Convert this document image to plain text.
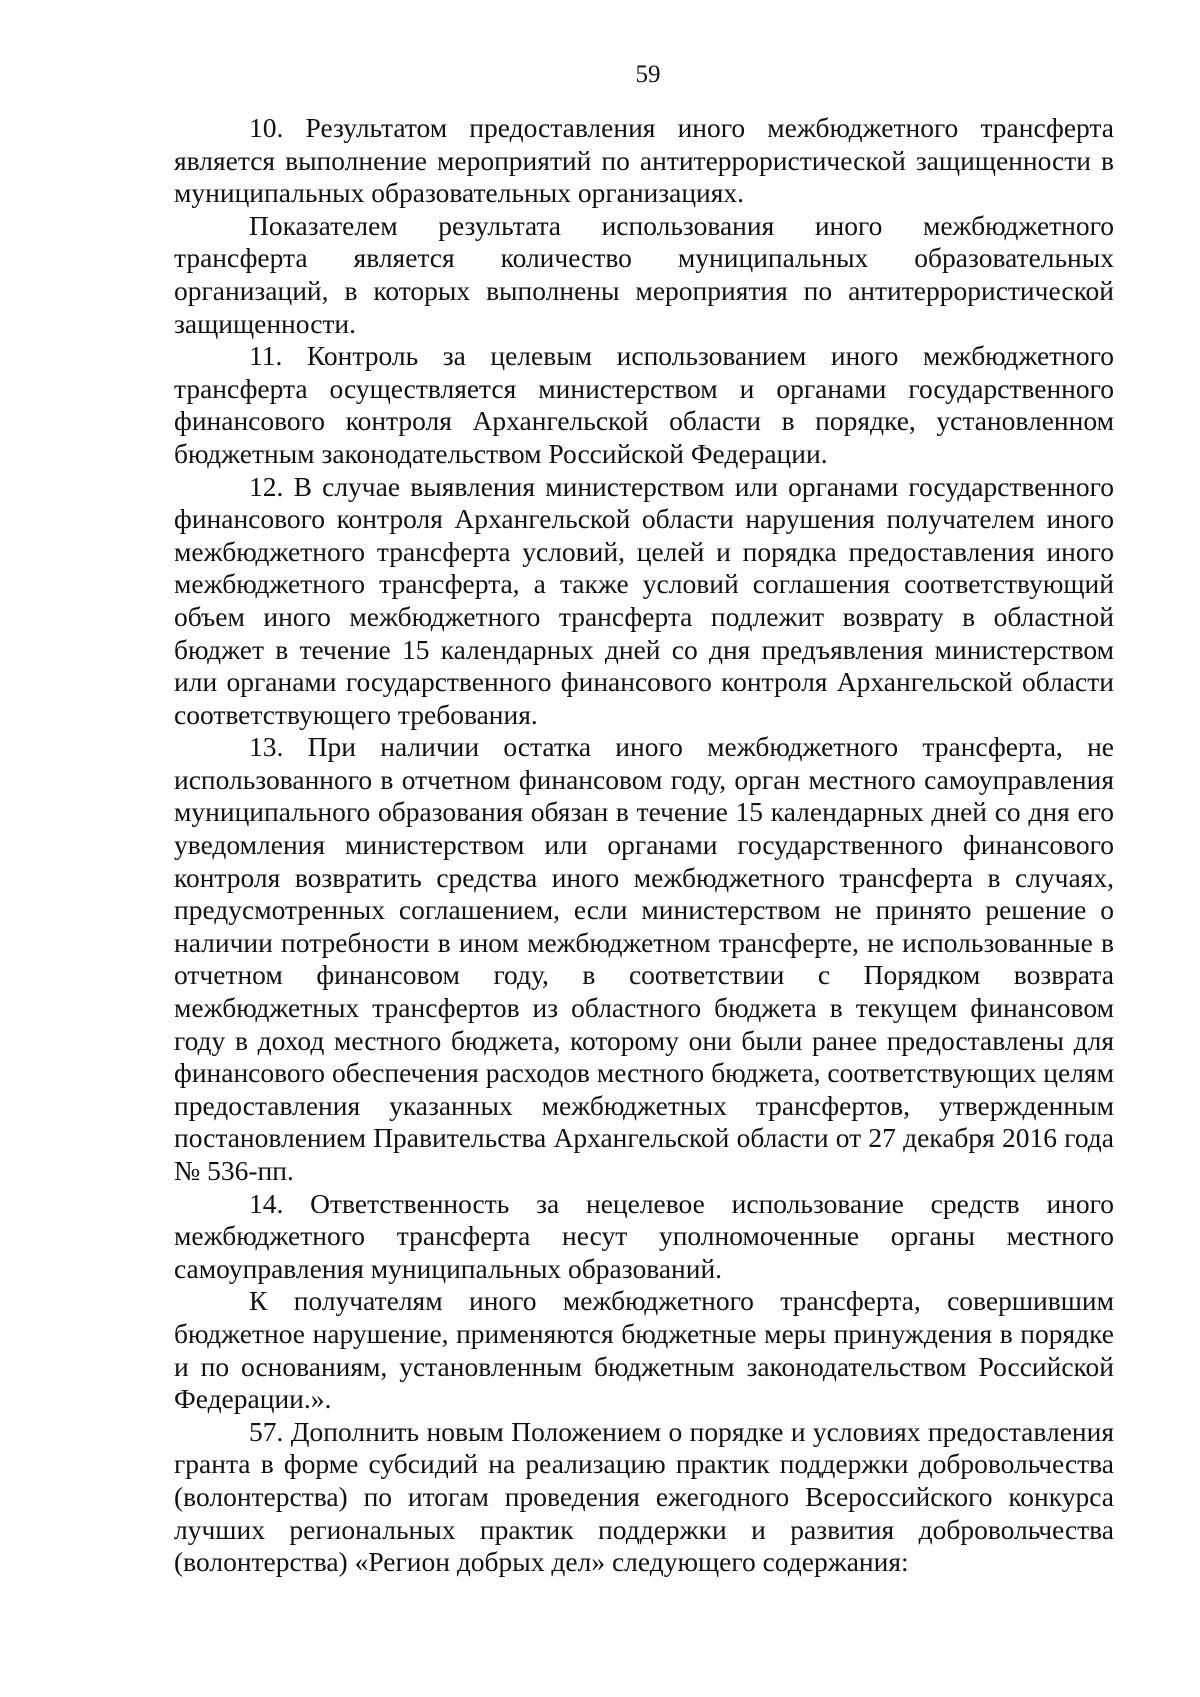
59

10. Результатом предоставления иного межбюджетного трансферта является выполнение мероприятий по антитеррористической защищенности в муниципальных образовательных организациях.

Показателем результата использования иного межбюджетного трансферта является количество муниципальных образовательных организаций, в которых выполнены мероприятия по антитеррористической защищенности.

11. Контроль за целевым использованием иного межбюджетного трансферта осуществляется министерством и органами государственного финансового контроля Архангельской области в порядке, установленном бюджетным законодательством Российской Федерации.

12. В случае выявления министерством или органами государственного финансового контроля Архангельской области нарушения получателем иного межбюджетного трансферта условий, целей и порядка предоставления иного межбюджетного трансферта, а также условий соглашения соответствующий объем иного межбюджетного трансферта подлежит возврату в областной бюджет в течение 15 календарных дней со дня предъявления министерством или органами государственного финансового контроля Архангельской области соответствующего требования.

13. При наличии остатка иного межбюджетного трансферта, не использованного в отчетном финансовом году, орган местного самоуправления муниципального образования обязан в течение 15 календарных дней со дня его уведомления министерством или органами государственного финансового контроля возвратить средства иного межбюджетного трансферта в случаях, предусмотренных соглашением, если министерством не принято решение о наличии потребности в ином межбюджетном трансферте, не использованные в отчетном финансовом году, в соответствии с Порядком возврата межбюджетных трансфертов из областного бюджета в текущем финансовом году в доход местного бюджета, которому они были ранее предоставлены для финансового обеспечения расходов местного бюджета, соответствующих целям предоставления указанных межбюджетных трансфертов, утвержденным постановлением Правительства Архангельской области от 27 декабря 2016 года № 536-пп.

14. Ответственность за нецелевое использование средств иного межбюджетного трансферта несут уполномоченные органы местного самоуправления муниципальных образований.

К получателям иного межбюджетного трансферта, совершившим бюджетное нарушение, применяются бюджетные меры принуждения в порядке и по основаниям, установленным бюджетным законодательством Российской Федерации.».

57. Дополнить новым Положением о порядке и условиях предоставления гранта в форме субсидий на реализацию практик поддержки добровольчества (волонтерства) по итогам проведения ежегодного Всероссийского конкурса лучших региональных практик поддержки и развития добровольчества (волонтерства) «Регион добрых дел» следующего содержания:
